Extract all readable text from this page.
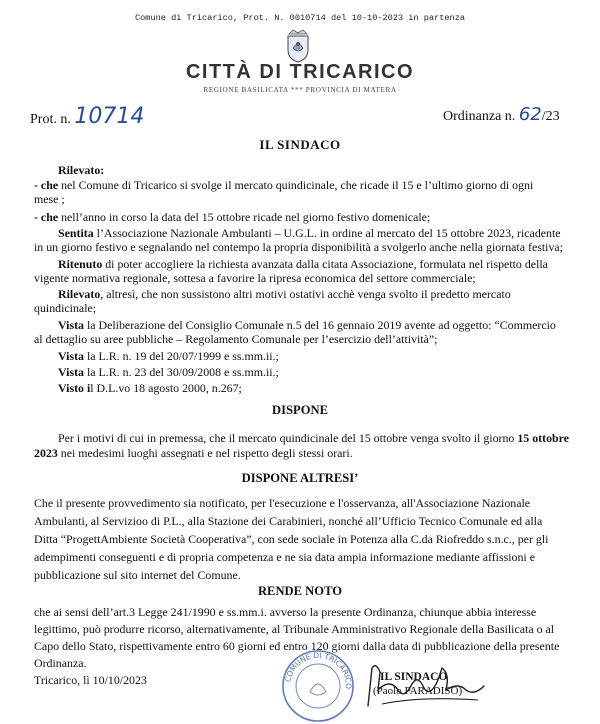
Comune di Tricarico, Prot. N. 0010714 del 10-10-2023 in partenza
CITTÀ DI TRICARICO
REGIONE BASILICATA *** PROVINCIA DI MATERA
Prot. n. 10714	Ordinanza n. 62/23
IL SINDACO
Rilevato:
- che nel Comune di Tricarico si svolge il mercato quindicinale, che ricade il 15 e l’ultimo giorno di ogni
mese ;
- che nell’anno in corso la data del 15 ottobre ricade nel giorno festivo domenicale;
Sentita l’Associazione Nazionale Ambulanti – U.G.L. in ordine al mercato del 15 ottobre 2023, ricadente
in un giorno festivo e segnalando nel contempo la propria disponibilità a svolgerlo anche nella giornata festiva;
Ritenuto di poter accogliere la richiesta avanzata dalla citata Associazione, formulata nel rispetto della
vigente normativa regionale, sottesa a favorire la ripresa economica del settore commerciale;
Rilevato, altresì, che non sussistono altri motivi ostativi acchè venga svolto il predetto mercato
quindicinale;
Vista la Deliberazione del Consiglio Comunale n.5 del 16 gennaio 2019 avente ad oggetto: “Commercio
al dettaglio su aree pubbliche – Regolamento Comunale per l’esercizio dell’attività”;
Vista la L.R. n. 19 del 20/07/1999 e ss.mm.ii.;
Vista la L.R. n. 23 del 30/09/2008 e ss.mm.ii.;
Visto il D.L.vo 18 agosto 2000, n.267;
DISPONE
Per i motivi di cui in premessa, che il mercato quindicinale del 15 ottobre venga svolto il giorno 15 ottobre
2023 nei medesimi luoghi assegnati e nel rispetto degli stessi orari.
DISPONE ALTRESI’
Che il presente provvedimento sia notificato, per l'esecuzione e l'osservanza, all'Associazione Nazionale
Ambulanti, al Servizioo di P.L., alla Stazione dei Carabinieri, nonché all’Ufficio Tecnico Comunale ed alla
Ditta “ProgettAmbiente Società Cooperativa”, con sede sociale in Potenza alla C.da Riofreddo s.n.c., per gli
adempimenti conseguenti e di propria competenza e ne sia data ampia informazione mediante affissioni e
pubblicazione sul sito internet del Comune.
RENDE NOTO
che ai sensi dell’art.3 Legge 241/1990 e ss.mm.i. avverso la presente Ordinanza, chiunque abbia interesse
legittimo, può produrre ricorso, alternativamente, al Tribunale Amministrativo Regionale della Basilicata o al
Capo dello Stato, rispettivamente entro 60 giorni ed entro 120 giorni dalla data di pubblicazione della presente
Ordinanza.
Tricarico, lì 10/10/2023	COMUNE DI TRICARICO
IL SINDACO
(Paolo PARADISO)
